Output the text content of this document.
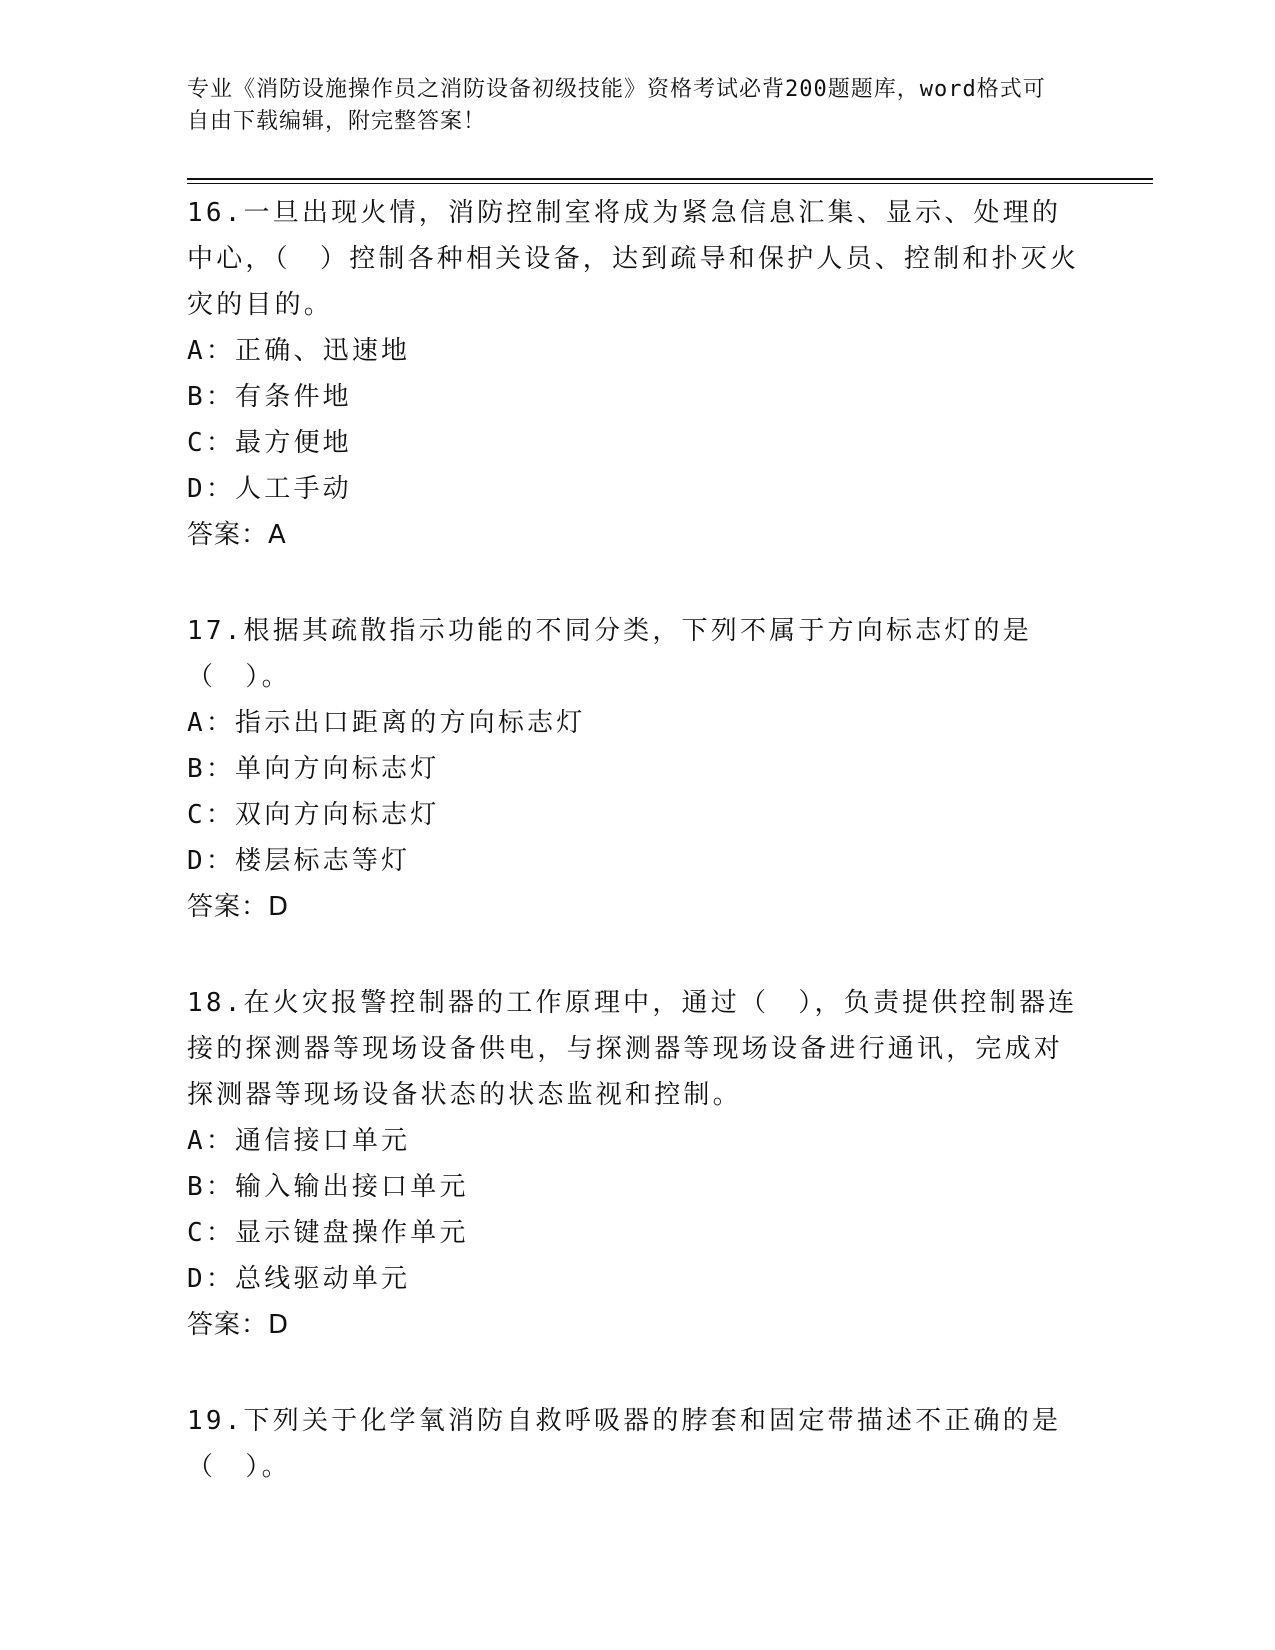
专业《消防设施操作员之消防设备初级技能》资格考试必背200题题库，word格式可自由下载编辑，附完整答案！
16.一旦出现火情，消防控制室将成为紧急信息汇集、显示、处理的中心，（　）控制各种相关设备，达到疏导和保护人员、控制和扑灭火灾的目的。
A：正确、迅速地
B：有条件地
C：最方便地
D：人工手动
答案：A
17.根据其疏散指示功能的不同分类，下列不属于方向标志灯的是（　）。
A：指示出口距离的方向标志灯
B：单向方向标志灯
C：双向方向标志灯
D：楼层标志等灯
答案：D
18.在火灾报警控制器的工作原理中，通过（　），负责提供控制器连接的探测器等现场设备供电，与探测器等现场设备进行通讯，完成对探测器等现场设备状态的状态监视和控制。
A：通信接口单元
B：输入输出接口单元
C：显示键盘操作单元
D：总线驱动单元
答案：D
19.下列关于化学氧消防自救呼吸器的脖套和固定带描述不正确的是（　）。
